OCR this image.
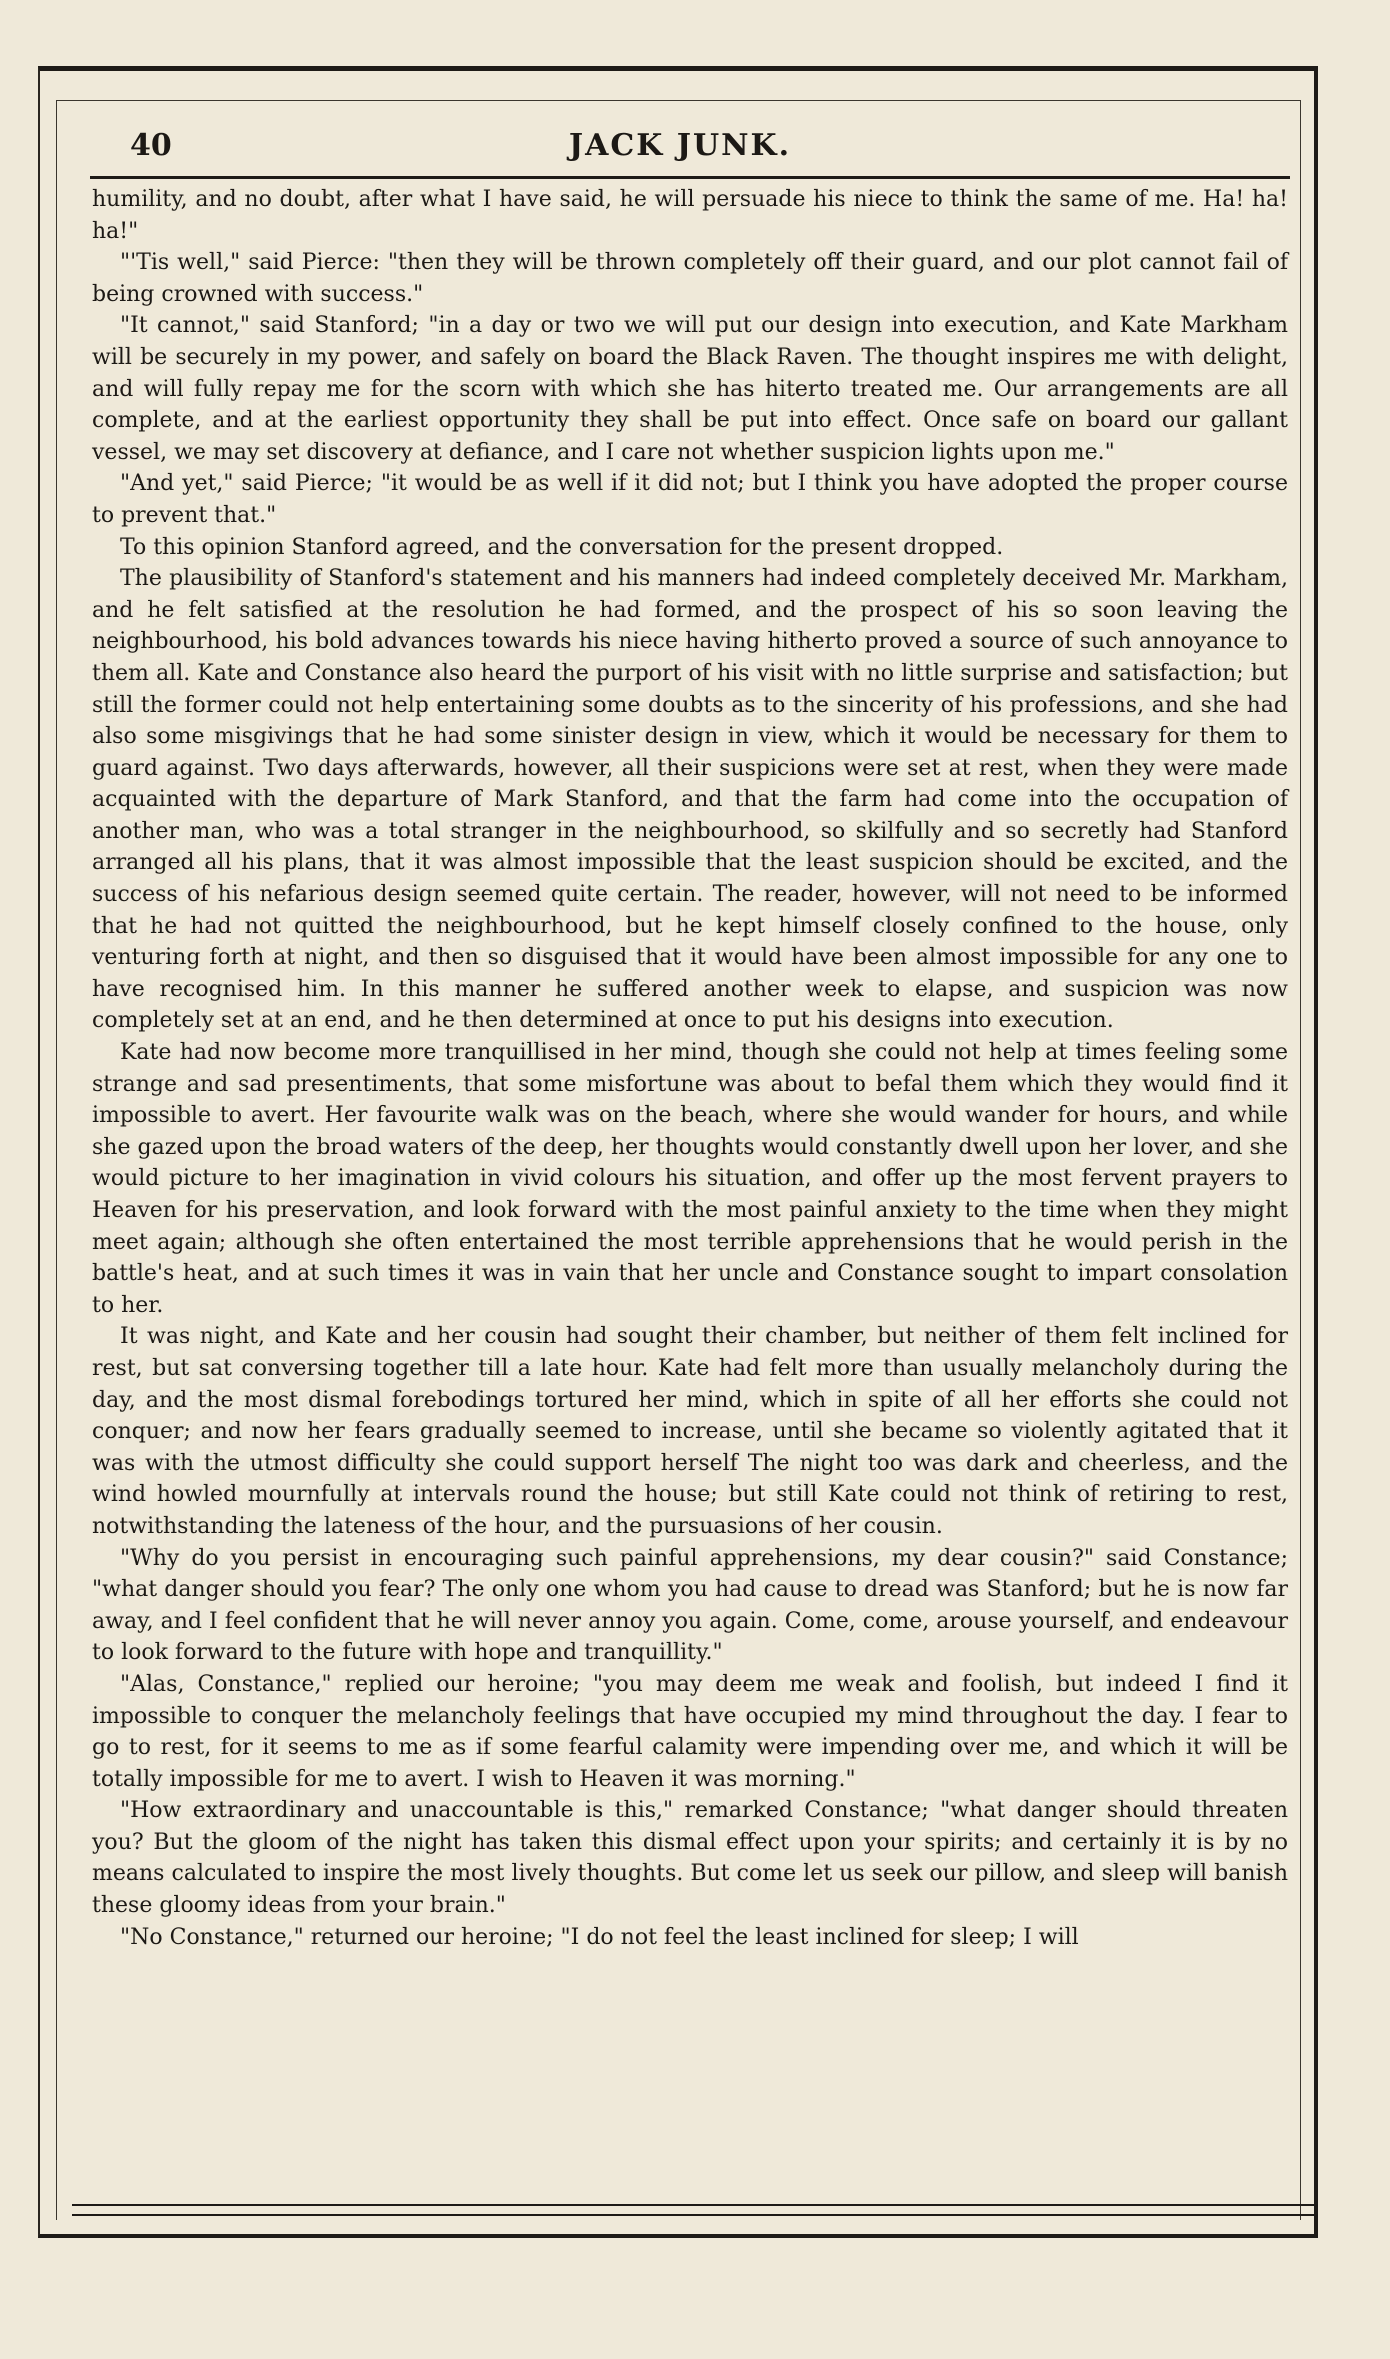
40	JACK JUNK.

humility, and no doubt, after what I have said, he will persuade his niece to think the same of me. Ha! ha! ha!"

"'Tis well," said Pierce: "then they will be thrown completely off their guard, and our plot cannot fail of being crowned with success."

"It cannot," said Stanford; "in a day or two we will put our design into execution, and Kate Markham will be securely in my power, and safely on board the Black Raven. The thought inspires me with delight, and will fully repay me for the scorn with which she has hiterto treated me. Our arrangements are all complete, and at the earliest opportunity they shall be put into effect. Once safe on board our gallant vessel, we may set discovery at defiance, and I care not whether suspicion lights upon me."

"And yet," said Pierce; "it would be as well if it did not; but I think you have adopted the proper course to prevent that."

To this opinion Stanford agreed, and the conversation for the present dropped.

The plausibility of Stanford's statement and his manners had indeed completely deceived Mr. Markham, and he felt satisfied at the resolution he had formed, and the prospect of his so soon leaving the neighbourhood, his bold advances towards his niece having hitherto proved a source of such annoyance to them all. Kate and Constance also heard the purport of his visit with no little surprise and satisfaction; but still the former could not help entertaining some doubts as to the sincerity of his professions, and she had also some misgivings that he had some sinister design in view, which it would be necessary for them to guard against. Two days afterwards, however, all their suspicions were set at rest, when they were made acquainted with the departure of Mark Stanford, and that the farm had come into the occupation of another man, who was a total stranger in the neighbourhood, so skilfully and so secretly had Stanford arranged all his plans, that it was almost impossible that the least suspicion should be excited, and the success of his nefarious design seemed quite certain. The reader, however, will not need to be informed that he had not quitted the neighbourhood, but he kept himself closely confined to the house, only venturing forth at night, and then so disguised that it would have been almost impossible for any one to have recognised him. In this manner he suffered another week to elapse, and suspicion was now completely set at an end, and he then determined at once to put his designs into execution.

Kate had now become more tranquillised in her mind, though she could not help at times feeling some strange and sad presentiments, that some misfortune was about to befal them which they would find it impossible to avert. Her favourite walk was on the beach, where she would wander for hours, and while she gazed upon the broad waters of the deep, her thoughts would constantly dwell upon her lover, and she would picture to her imagination in vivid colours his situation, and offer up the most fervent prayers to Heaven for his preservation, and look forward with the most painful anxiety to the time when they might meet again; although she often entertained the most terrible apprehensions that he would perish in the battle's heat, and at such times it was in vain that her uncle and Constance sought to impart consolation to her.

It was night, and Kate and her cousin had sought their chamber, but neither of them felt inclined for rest, but sat conversing together till a late hour. Kate had felt more than usually melancholy during the day, and the most dismal forebodings tortured her mind, which in spite of all her efforts she could not conquer; and now her fears gradually seemed to increase, until she became so violently agitated that it was with the utmost difficulty she could support herself The night too was dark and cheerless, and the wind howled mournfully at intervals round the house; but still Kate could not think of retiring to rest, notwithstanding the lateness of the hour, and the pursuasions of her cousin.

"Why do you persist in encouraging such painful apprehensions, my dear cousin?" said Constance; "what danger should you fear? The only one whom you had cause to dread was Stanford; but he is now far away, and I feel confident that he will never annoy you again. Come, come, arouse yourself, and endeavour to look forward to the future with hope and tranquillity."

"Alas, Constance," replied our heroine; "you may deem me weak and foolish, but indeed I find it impossible to conquer the melancholy feelings that have occupied my mind throughout the day. I fear to go to rest, for it seems to me as if some fearful calamity were impending over me, and which it will be totally impossible for me to avert. I wish to Heaven it was morning."

"How extraordinary and unaccountable is this," remarked Constance; "what danger should threaten you? But the gloom of the night has taken this dismal effect upon your spirits; and certainly it is by no means calculated to inspire the most lively thoughts. But come let us seek our pillow, and sleep will banish these gloomy ideas from your brain."

"No Constance," returned our heroine; "I do not feel the least inclined for sleep; I will
